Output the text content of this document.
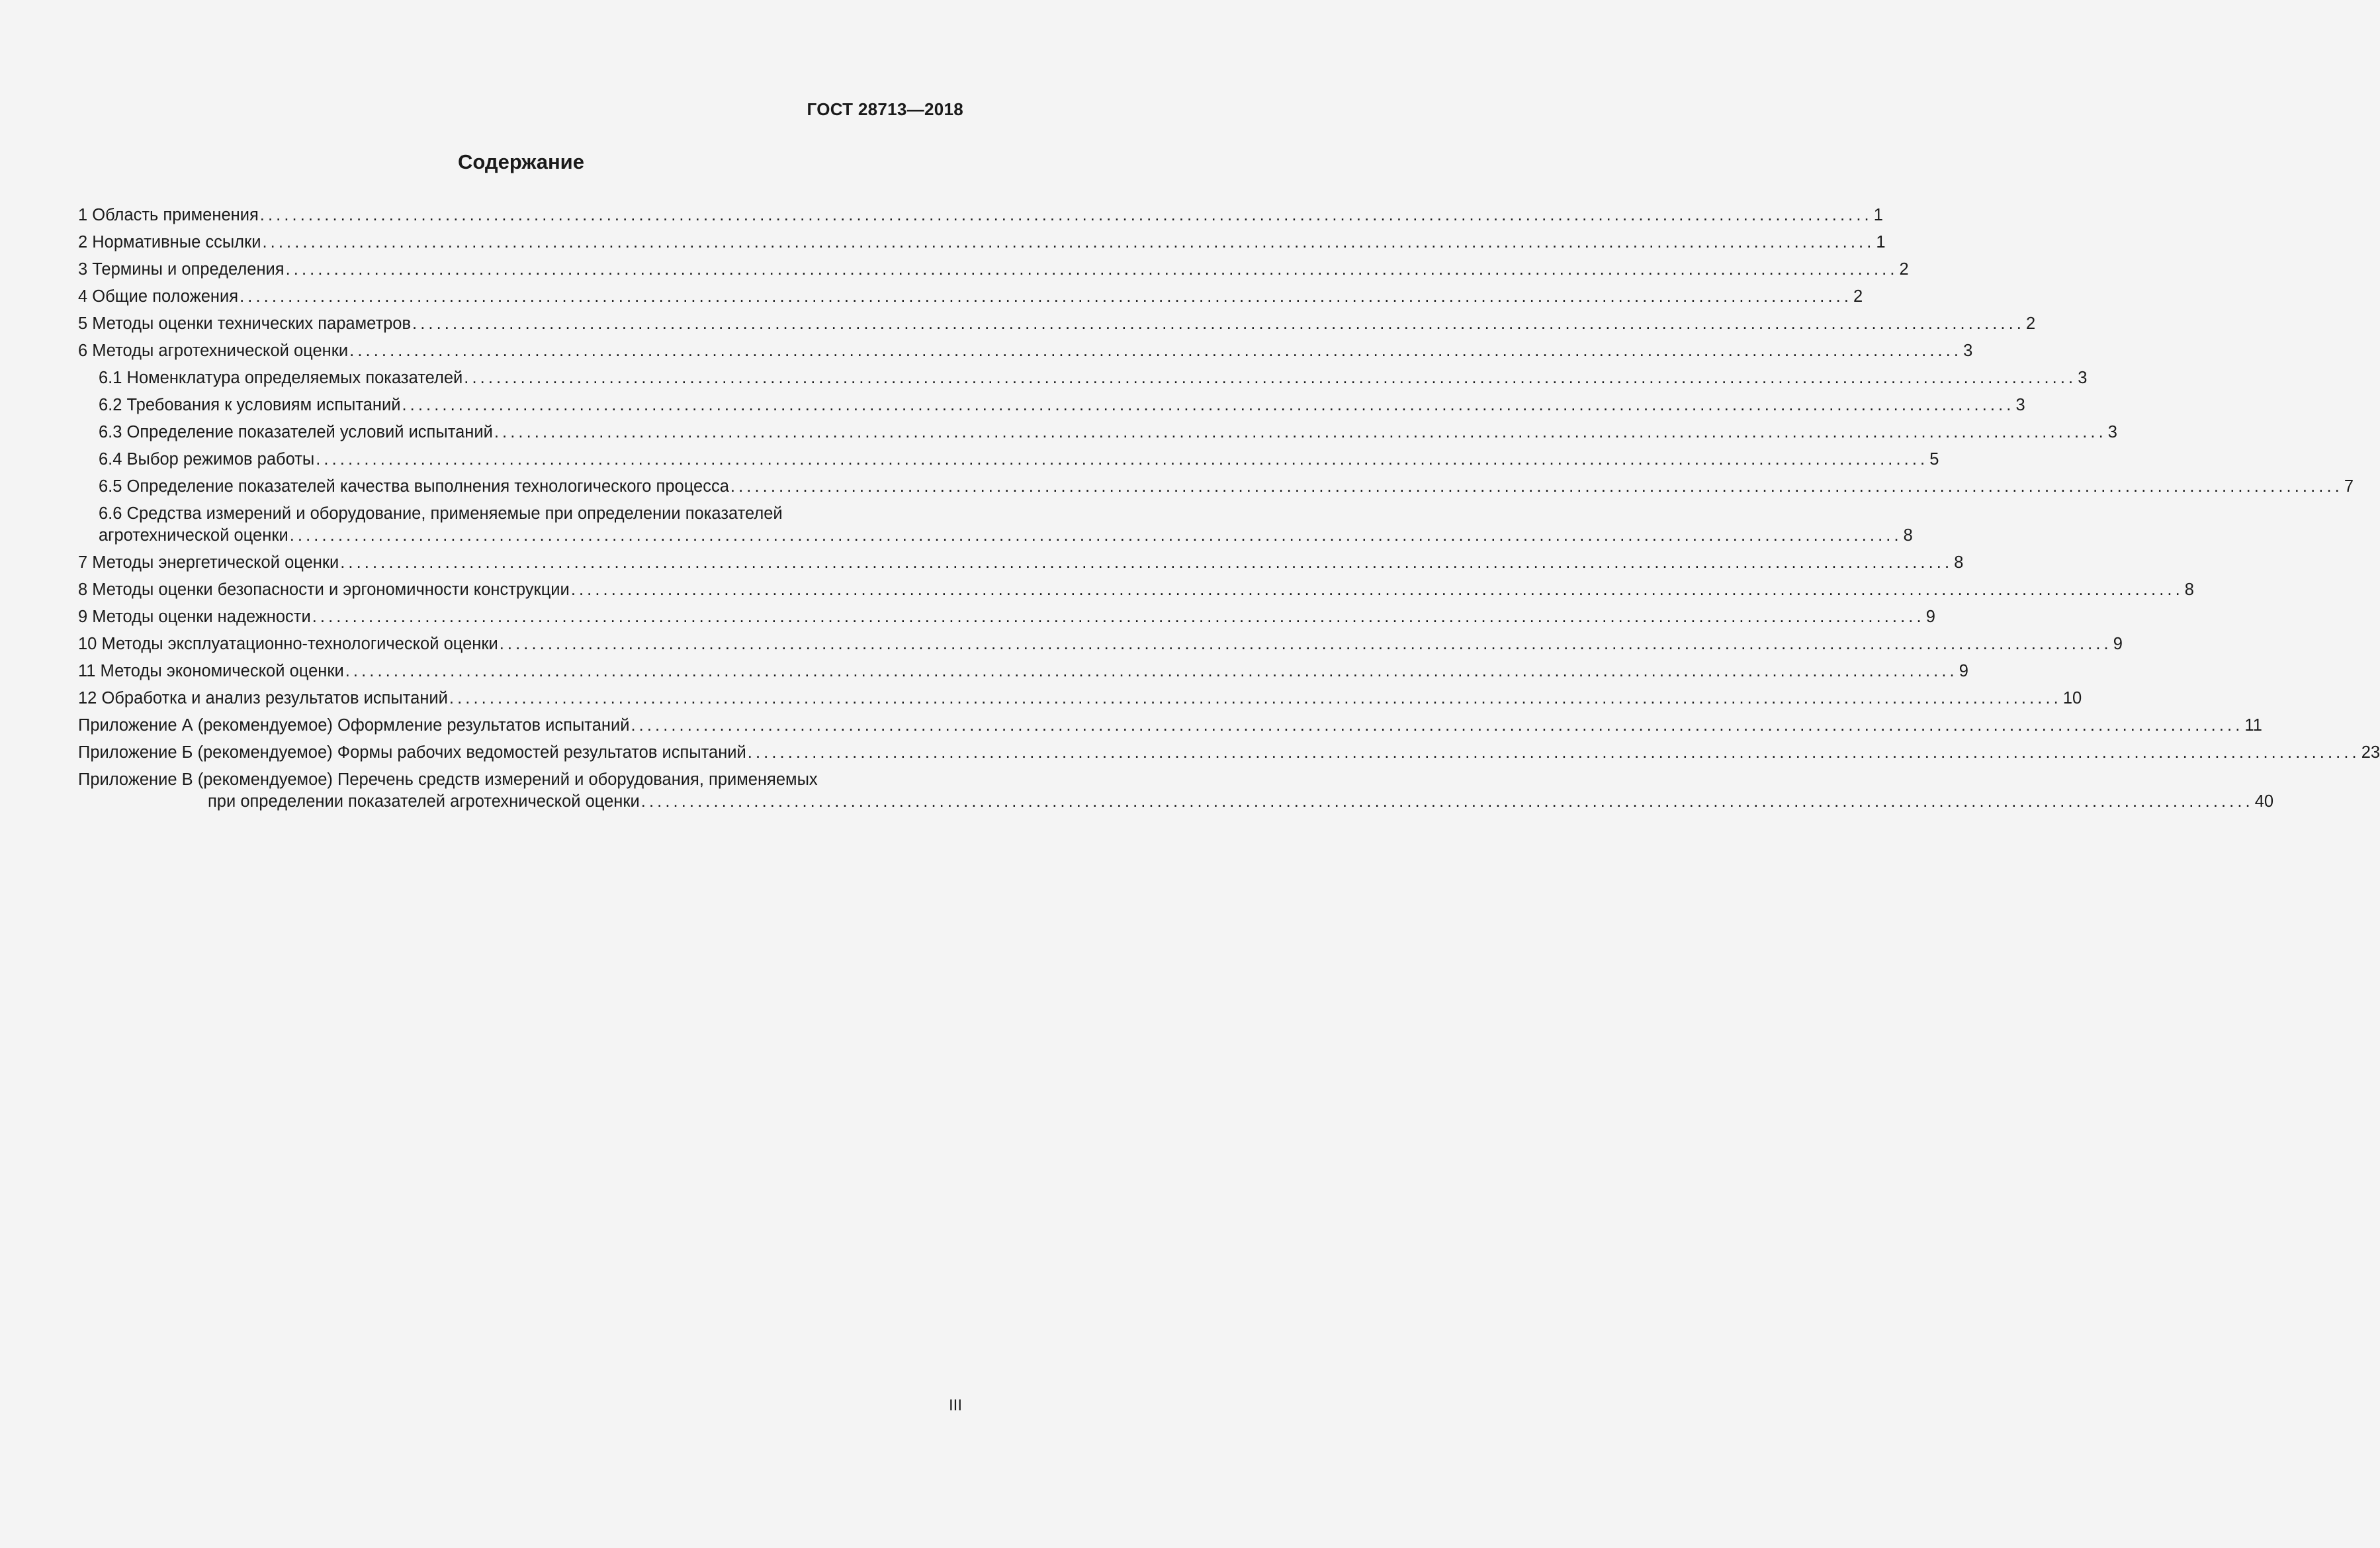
ГОСТ 28713—2018
Содержание
1 Область применения ........................................................................................................................................................................................................ 1
2 Нормативные ссылки ........................................................................................................................................................................................................ 1
3 Термины и определения ........................................................................................................................................................................................................ 2
4 Общие положения ........................................................................................................................................................................................................ 2
5 Методы оценки технических параметров ........................................................................................................................................................................................................ 2
6 Методы агротехнической оценки ........................................................................................................................................................................................................ 3
6.1 Номенклатура определяемых показателей ........................................................................................................................................................................................................ 3
6.2 Требования к условиям испытаний ........................................................................................................................................................................................................ 3
6.3 Определение показателей условий испытаний ........................................................................................................................................................................................................ 3
6.4 Выбор режимов работы ........................................................................................................................................................................................................ 5
6.5 Определение показателей качества выполнения технологического процесса ........................................................................................................................................................................................................ 7
6.6 Средства измерений и оборудование, применяемые при определении показателей
агротехнической оценки ........................................................................................................................................................................................................ 8
7 Методы энергетической оценки ........................................................................................................................................................................................................ 8
8 Методы оценки безопасности и эргономичности конструкции ........................................................................................................................................................................................................ 8
9 Методы оценки надежности ........................................................................................................................................................................................................ 9
10 Методы эксплуатационно-технологической оценки ........................................................................................................................................................................................................ 9
11 Методы экономической оценки ........................................................................................................................................................................................................ 9
12 Обработка и анализ результатов испытаний ........................................................................................................................................................................................................ 10
Приложение А (рекомендуемое) Оформление результатов испытаний ........................................................................................................................................................................................................ 11
Приложение Б (рекомендуемое) Формы рабочих ведомостей результатов испытаний ........................................................................................................................................................................................................ 23
Приложение В (рекомендуемое) Перечень средств измерений и оборудования, применяемых
при определении показателей агротехнической оценки ........................................................................................................................................................................................................ 40
III
